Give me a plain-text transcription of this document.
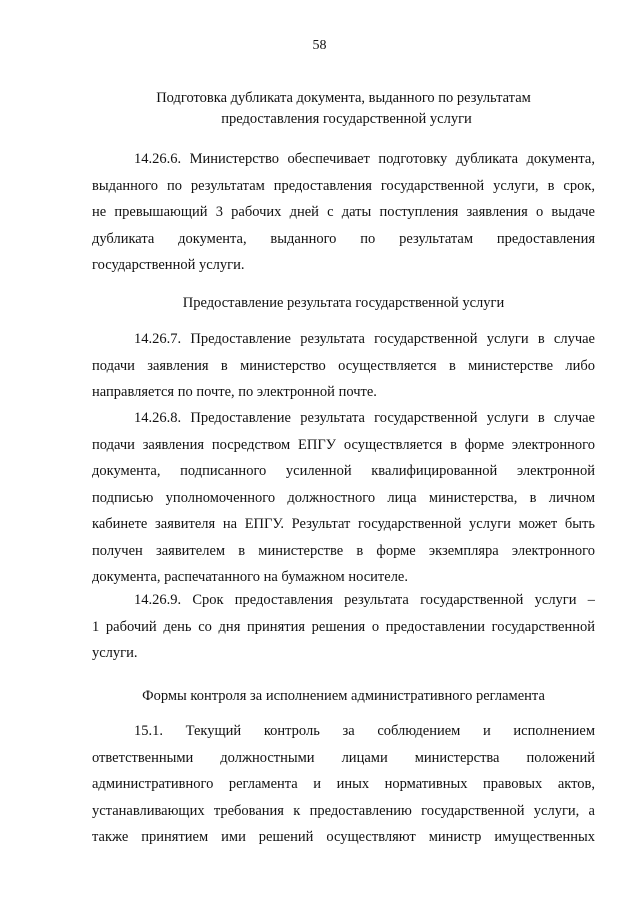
58
Подготовка дубликата документа, выданного по результатам
предоставления государственной услуги
14.26.6. Министерство обеспечивает подготовку дубликата документа,
выданного по результатам предоставления государственной услуги, в срок,
не превышающий 3 рабочих дней с даты поступления заявления о выдаче
дубликата документа, выданного по результатам предоставления
государственной услуги.
Предоставление результата государственной услуги
14.26.7. Предоставление результата государственной услуги в случае
подачи заявления в министерство осуществляется в министерстве либо
направляется по почте, по электронной почте.
14.26.8. Предоставление результата государственной услуги в случае
подачи заявления посредством ЕПГУ осуществляется в форме электронного
документа, подписанного усиленной квалифицированной электронной
подписью уполномоченного должностного лица министерства, в личном
кабинете заявителя на ЕПГУ. Результат государственной услуги может быть
получен заявителем в министерстве в форме экземпляра электронного
документа, распечатанного на бумажном носителе.
14.26.9. Срок предоставления результата государственной услуги –
1 рабочий день со дня принятия решения о предоставлении государственной
услуги.
Формы контроля за исполнением административного регламента
15.1. Текущий контроль за соблюдением и исполнением
ответственными должностными лицами министерства положений
административного регламента и иных нормативных правовых актов,
устанавливающих требования к предоставлению государственной услуги, а
также принятием ими решений осуществляют министр имущественных
